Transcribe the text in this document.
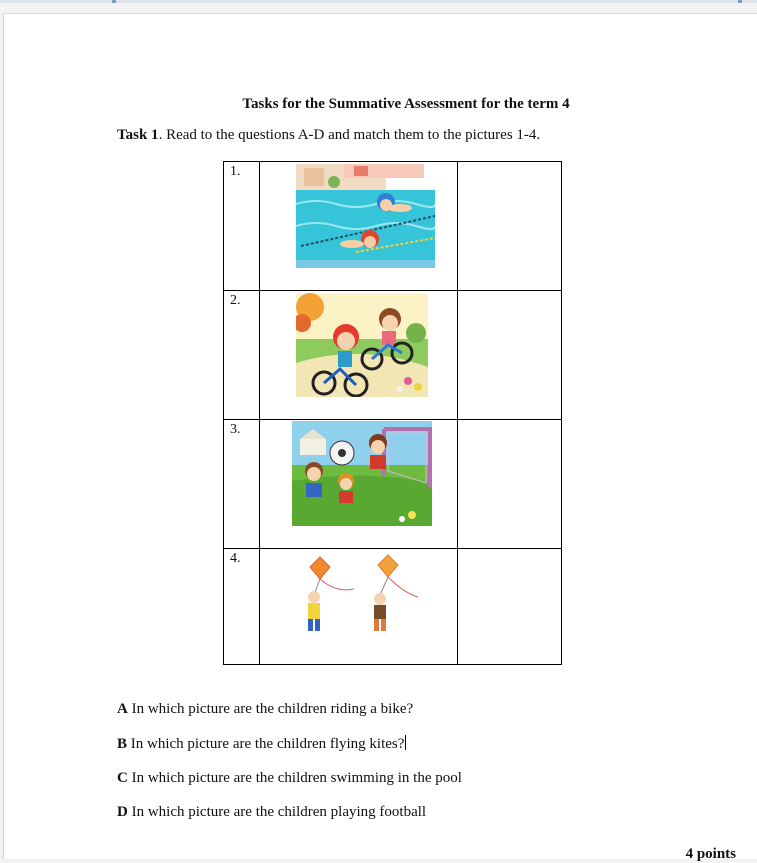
Tasks for the Summative Assessment for the term 4
Task 1. Read to the questions A-D and match them to the pictures 1-4.
1.

2.

3.

4.

A In which picture are the children riding a bike?
B In which picture are the children flying kites?
C In which picture are the children swimming in the pool
D In which picture are the children playing football
4 points
